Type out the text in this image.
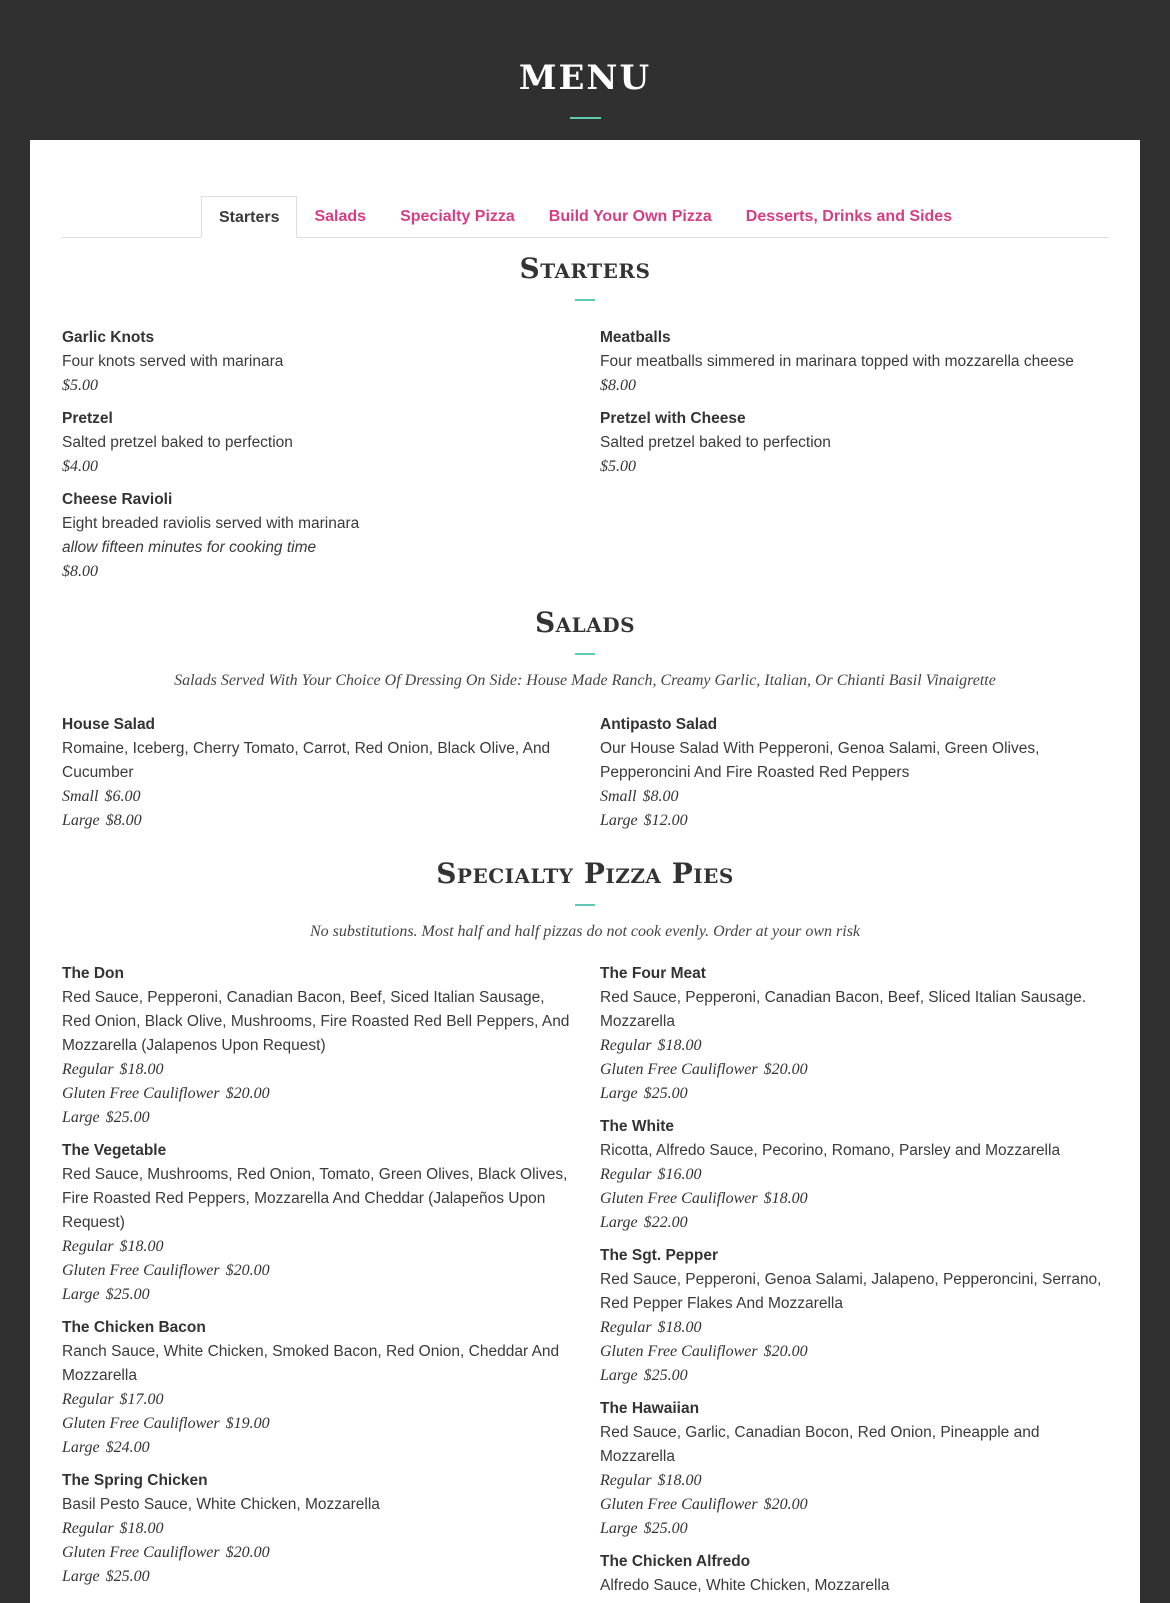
MENU
Starters	Salads	Specialty Pizza	Build Your Own Pizza	Desserts, Drinks and Sides
Starters
Garlic Knots
Four knots served with marinara
$5.00
Pretzel
Salted pretzel baked to perfection
$4.00
Cheese Ravioli
Eight breaded raviolis served with marinara
allow fifteen minutes for cooking time
$8.00
Meatballs
Four meatballs simmered in marinara topped with mozzarella cheese
$8.00
Pretzel with Cheese
Salted pretzel baked to perfection
$5.00
Salads
Salads Served With Your Choice Of Dressing On Side: House Made Ranch, Creamy Garlic, Italian, Or Chianti Basil Vinaigrette
House Salad
Romaine, Iceberg, Cherry Tomato, Carrot, Red Onion, Black Olive, And Cucumber
Small $6.00
Large $8.00
Antipasto Salad
Our House Salad With Pepperoni, Genoa Salami, Green Olives, Pepperoncini And Fire Roasted Red Peppers
Small $8.00
Large $12.00
Specialty Pizza Pies
No substitutions. Most half and half pizzas do not cook evenly. Order at your own risk
The Don
Red Sauce, Pepperoni, Canadian Bacon, Beef, Siced Italian Sausage, Red Onion, Black Olive, Mushrooms, Fire Roasted Red Bell Peppers, And Mozzarella (Jalapenos Upon Request)
Regular $18.00
Gluten Free Cauliflower $20.00
Large $25.00
The Vegetable
Red Sauce, Mushrooms, Red Onion, Tomato, Green Olives, Black Olives, Fire Roasted Red Peppers, Mozzarella And Cheddar (Jalapeños Upon Request)
Regular $18.00
Gluten Free Cauliflower $20.00
Large $25.00
The Chicken Bacon
Ranch Sauce, White Chicken, Smoked Bacon, Red Onion, Cheddar And Mozzarella
Regular $17.00
Gluten Free Cauliflower $19.00
Large $24.00
The Spring Chicken
Basil Pesto Sauce, White Chicken, Mozzarella
Regular $18.00
Gluten Free Cauliflower $20.00
Large $25.00
The Four Meat
Red Sauce, Pepperoni, Canadian Bacon, Beef, Sliced Italian Sausage. Mozzarella
Regular $18.00
Gluten Free Cauliflower $20.00
Large $25.00
The White
Ricotta, Alfredo Sauce, Pecorino, Romano, Parsley and Mozzarella
Regular $16.00
Gluten Free Cauliflower $18.00
Large $22.00
The Sgt. Pepper
Red Sauce, Pepperoni, Genoa Salami, Jalapeno, Pepperoncini, Serrano, Red Pepper Flakes And Mozzarella
Regular $18.00
Gluten Free Cauliflower $20.00
Large $25.00
The Hawaiian
Red Sauce, Garlic, Canadian Bocon, Red Onion, Pineapple and Mozzarella
Regular $18.00
Gluten Free Cauliflower $20.00
Large $25.00
The Chicken Alfredo
Alfredo Sauce, White Chicken, Mozzarella
